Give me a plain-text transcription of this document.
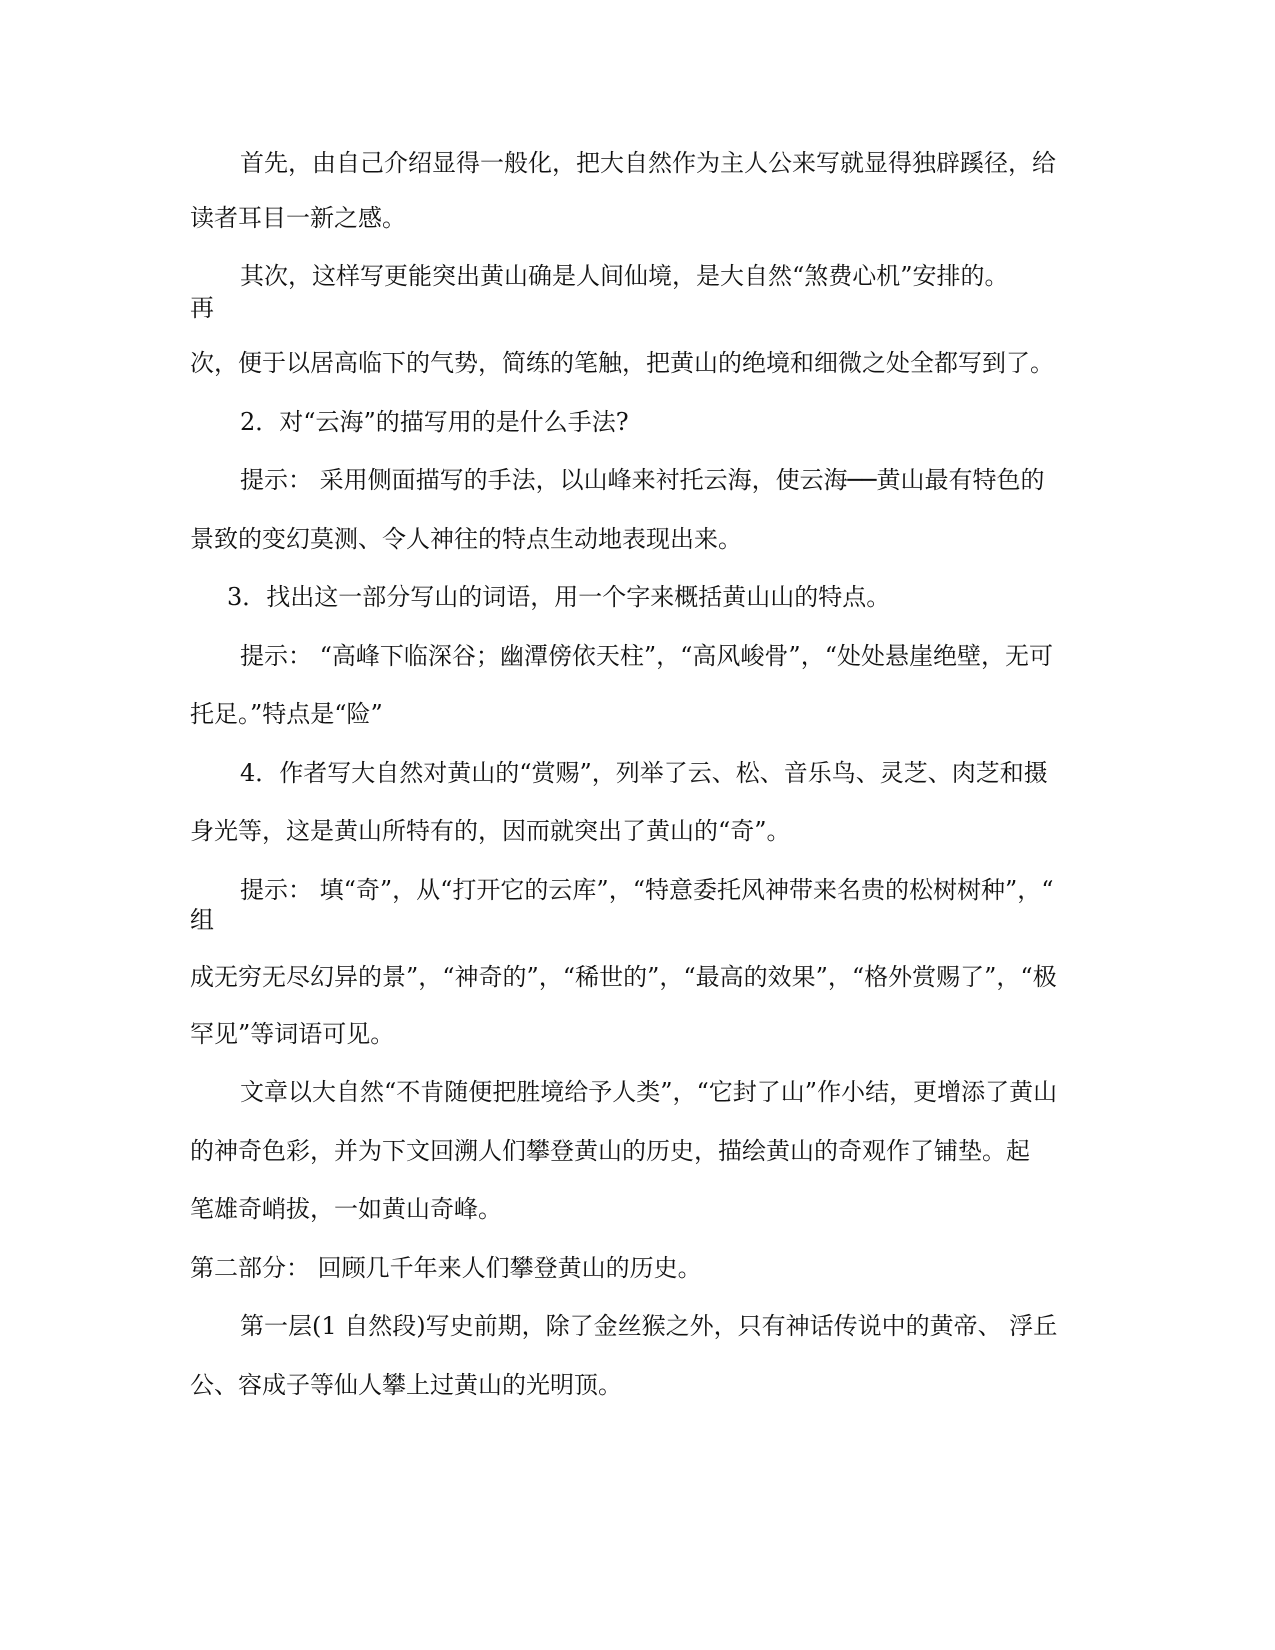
首先，由自己介绍显得一般化，把大自然作为主人公来写就显得独辟蹊径，给
读者耳目一新之感。
其次，这样写更能突出黄山确是人间仙境，是大自然“煞费心机”安排的。
再
次，便于以居高临下的气势，简练的笔触，把黄山的绝境和细微之处全都写到了。
2．对“云海”的描写用的是什么手法?
提示： 采用侧面描写的手法，以山峰来衬托云海，使云海──黄山最有特色的
景致的变幻莫测、令人神往的特点生动地表现出来。
3．找出这一部分写山的词语，用一个字来概括黄山山的特点。
提示： “高峰下临深谷；幽潭傍依天柱”，“高风峻骨”，“处处悬崖绝壁，无可
托足。”特点是“险”
4．作者写大自然对黄山的“赏赐”，列举了云、松、音乐鸟、灵芝、肉芝和摄
身光等，这是黄山所特有的，因而就突出了黄山的“奇”。
提示： 填“奇”，从“打开它的云库”，“特意委托风神带来名贵的松树树种”，“
组
成无穷无尽幻异的景”，“神奇的”，“稀世的”，“最高的效果”，“格外赏赐了”，“极
罕见”等词语可见。
文章以大自然“不肯随便把胜境给予人类”，“它封了山”作小结，更增添了黄山
的神奇色彩，并为下文回溯人们攀登黄山的历史，描绘黄山的奇观作了铺垫。起
笔雄奇峭拔，一如黄山奇峰。
第二部分： 回顾几千年来人们攀登黄山的历史。
第一层(1 自然段)写史前期，除了金丝猴之外，只有神话传说中的黄帝、 浮丘
公、容成子等仙人攀上过黄山的光明顶。
